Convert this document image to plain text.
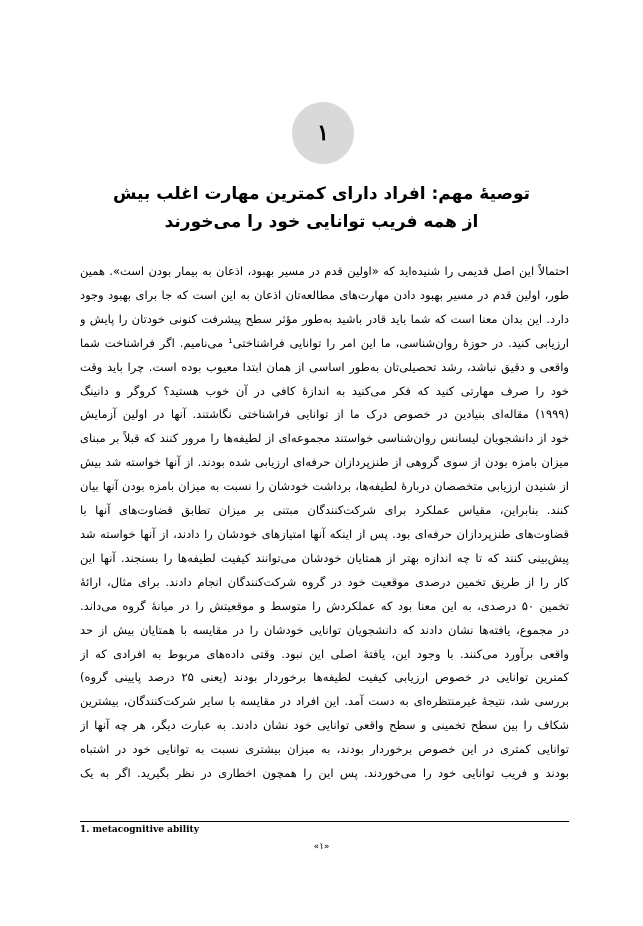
۱
توصیهٔ مهم: افراد دارای کمترین مهارت اغلب بیش
از همه فریب توانایی خود را می‌خورند
احتمالاً این اصل قدیمی را شنیده‌اید که «اولین قدم در مسیر بهبود، اذعان به بیمار بودن است». همین
طور، اولین قدم در مسیر بهبود دادن مهارت‌های مطالعه‌تان اذعان به این است که جا برای بهبود وجود
دارد. این بدان معنا است که شما باید قادر باشید به‌طور مؤثر سطح پیشرفت کنونی خودتان را پایش و
ارزیابی کنید. در حوزهٔ روان‌شناسی، ما این امر را توانایی فراشناختی¹ می‌نامیم. اگر فراشناخت شما
واقعی و دقیق نباشد، رشد تحصیلی‌تان به‌طور اساسی از همان ابتدا معیوب بوده است. چرا باید وقت
خود را صرف مهارتی کنید که فکر می‌کنید به اندازهٔ کافی در آن خوب هستید؟ کروگر و دانینگ
(۱۹۹۹) مقاله‌ای بنیادین در خصوص درک ما از توانایی فراشناختی نگاشتند. آنها در اولین آزمایش
خود از دانشجویان لیسانس روان‌شناسی خواستند مجموعه‌ای از لطیفه‌ها را مرور کنند که قبلاً بر مبنای
میزان بامزه بودن از سوی گروهی از طنزپردازان حرفه‌ای ارزیابی شده بودند. از آنها خواسته شد بیش
از شنیدن ارزیابی متخصصان دربارهٔ لطیفه‌ها، برداشت خودشان را نسبت به میزان بامزه بودن آنها بیان
کنند. بنابراین، مقیاس عملکرد برای شرکت‌کنندگان مبتنی بر میزان تطابق قضاوت‌های آنها با
قضاوت‌های طنزپردازان حرفه‌ای بود. پس از اینکه آنها امتیازهای خودشان را دادند، از آنها خواسته شد
پیش‌بینی کنند که تا چه اندازه بهتر از همتایان خودشان می‌توانند کیفیت لطیفه‌ها را بسنجند. آنها این
کار را از طریق تخمین درصدی موقعیت خود در گروه شرکت‌کنندگان انجام دادند. برای مثال، ارائهٔ
تخمین ۵۰ درصدی، به این معنا بود که عملکردش را متوسط و موقعیتش را در میانهٔ گروه می‌داند.
در مجموع، یافته‌ها نشان دادند که دانشجویان توانایی خودشان را در مقایسه با همتایان بیش از حد
واقعی برآورد می‌کنند. با وجود این، یافتهٔ اصلی این نبود. وقتی داده‌های مربوط به افرادی که از
کمترین توانایی در خصوص ارزیابی کیفیت لطیفه‌ها برخوردار بودند (یعنی ۲۵ درصد پایینی گروه)
بررسی شد، نتیجهٔ غیرمنتظره‌ای به دست آمد. این افراد در مقایسه با سایر شرکت‌کنندگان، بیشترین
شکاف را بین سطح تخمینی و سطح واقعی توانایی خود نشان دادند. به عبارت دیگر، هر چه آنها از
توانایی کمتری در این خصوص برخوردار بودند، به میزان بیشتری نسبت به توانایی خود در اشتباه
بودند و فریب توانایی خود را می‌خوردند. پس این را همچون اخطاری در نظر بگیرید. اگر به یک
1. metacognitive ability
«۱»
